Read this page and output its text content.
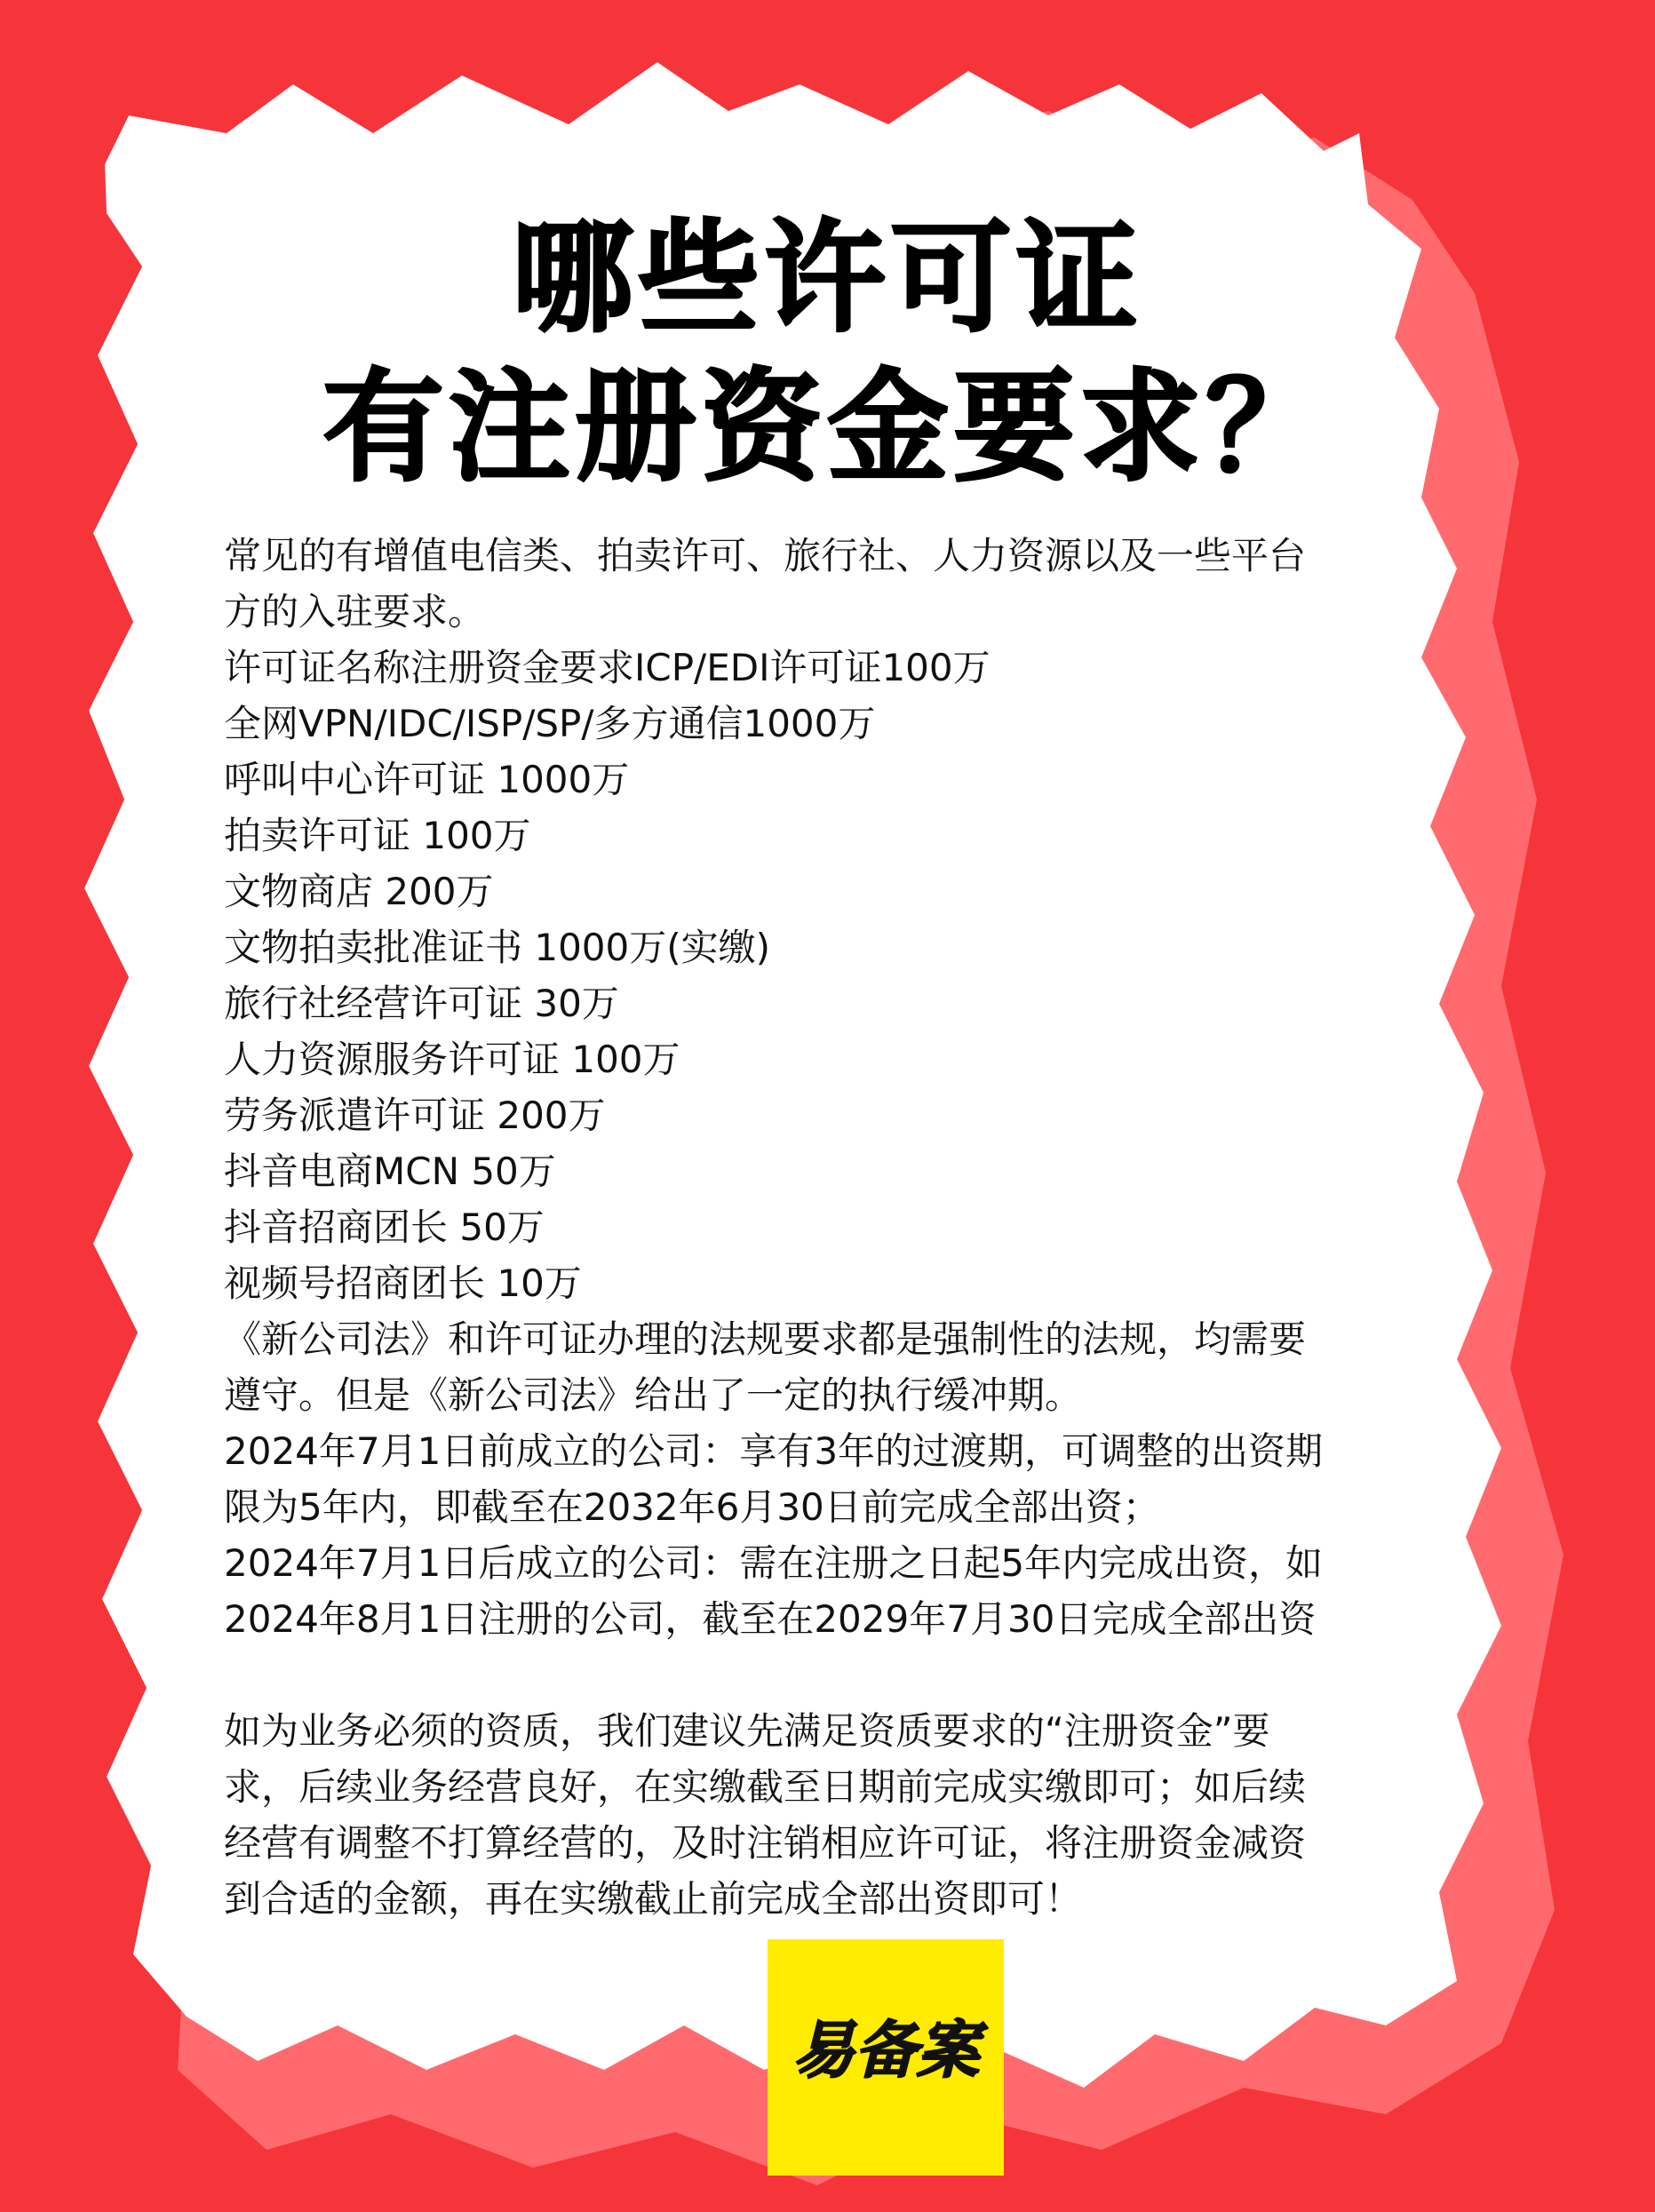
哪些许可证
有注册资金要求？

常见的有增值电信类、拍卖许可、旅行社、人力资源以及一些平台

方的入驻要求。

许可证名称注册资金要求ICP/EDI许可证100万

全网VPN/IDC/ISP/SP/多方通信1000万

呼叫中心许可证 1000万

拍卖许可证 100万

文物商店 200万

文物拍卖批准证书 1000万(实缴)

旅行社经营许可证 30万

人力资源服务许可证 100万

劳务派遣许可证 200万

抖音电商MCN 50万

抖音招商团长 50万

视频号招商团长 10万

《新公司法》和许可证办理的法规要求都是强制性的法规，均需要

遵守。但是《新公司法》给出了一定的执行缓冲期。

2024年7月1日前成立的公司：享有3年的过渡期，可调整的出资期

限为5年内，即截至在2032年6月30日前完成全部出资；

2024年7月1日后成立的公司：需在注册之日起5年内完成出资，如

2024年8月1日注册的公司，截至在2029年7月30日完成全部出资

如为业务必须的资质，我们建议先满足资质要求的“注册资金”要

求，后续业务经营良好，在实缴截至日期前完成实缴即可；如后续

经营有调整不打算经营的，及时注销相应许可证，将注册资金减资

到合适的金额，再在实缴截止前完成全部出资即可！

易备案
